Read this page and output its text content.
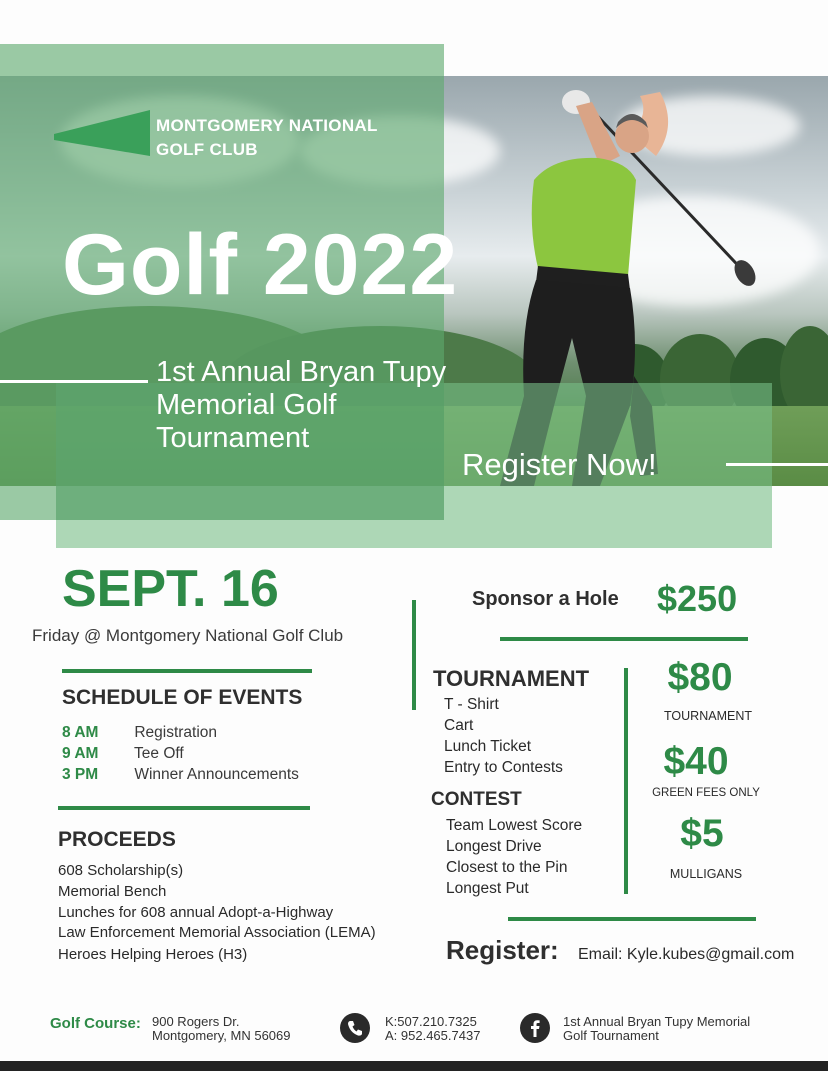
MONTGOMERY NATIONAL
GOLF CLUB
Golf 2022
1st Annual Bryan Tupy
Memorial Golf
Tournament
Register Now!
SEPT. 16
Friday @ Montgomery National Golf Club
SCHEDULE OF EVENTS
8 AM Registration
9 AM Tee Off
3 PM Winner Announcements
PROCEEDS
608 Scholarship(s)
Memorial Bench
Lunches for 608 annual Adopt-a-Highway
Law Enforcement Memorial Association (LEMA)
Heroes Helping Heroes (H3)
Sponsor a Hole $250
TOURNAMENT
T - Shirt
Cart
Lunch Ticket
Entry to Contests
CONTEST
Team Lowest Score
Longest Drive
Closest to the Pin
Longest Put
$80
TOURNAMENT
$40
GREEN FEES ONLY
$5
MULLIGANS
Register: Email: Kyle.kubes@gmail.com
Golf Course: 900 Rogers Dr.
Montgomery, MN 56069
K:507.210.7325
A: 952.465.7437
1st Annual Bryan Tupy Memorial
Golf Tournament
